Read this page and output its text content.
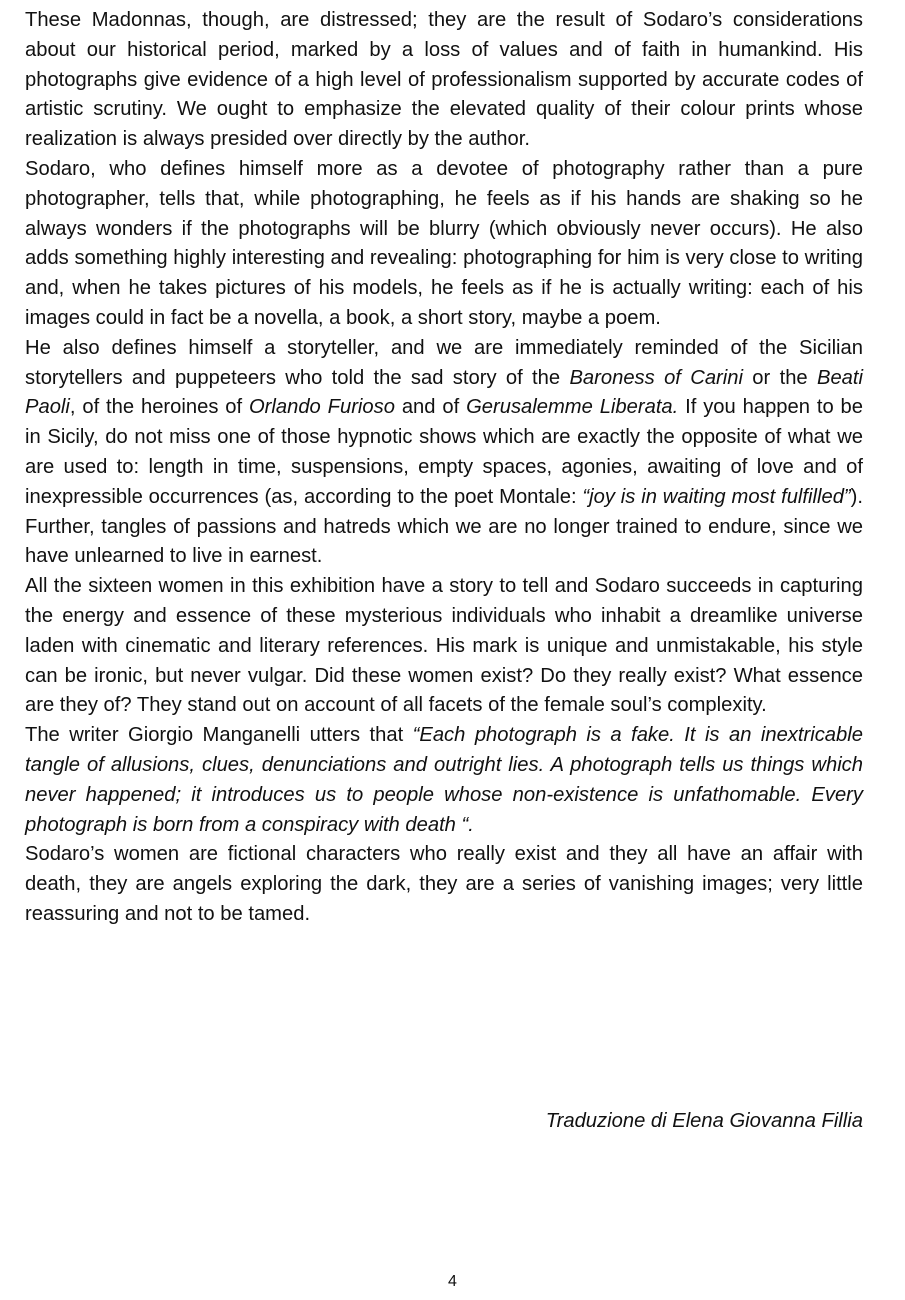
These Madonnas, though, are distressed; they are the result of Sodaro’s considerations about our historical period, marked by a loss of values and of faith in humankind. His photographs give evidence of a high level of professionalism supported by accurate codes of artistic scrutiny. We ought to emphasize the elevated quality of their colour prints whose realization is always presided over directly by the author.

Sodaro, who defines himself more as a devotee of photography rather than a pure photographer, tells that, while photographing, he feels as if his hands are shaking so he always wonders if the photographs will be blurry (which obviously never occurs). He also adds something highly interesting and revealing: photographing for him is very close to writing and, when he takes pictures of his models, he feels as if he is actually writing: each of his images could in fact be a novella, a book, a short story, maybe a poem.

He also defines himself a storyteller, and we are immediately reminded of the Sicilian storytellers and puppeteers who told the sad story of the Baroness of Carini or the Beati Paoli, of the heroines of Orlando Furioso and of Gerusalemme Liberata. If you happen to be in Sicily, do not miss one of those hypnotic shows which are exactly the opposite of what we are used to: length in time, suspensions, empty spaces, agonies, awaiting of love and of inexpressible occurrences (as, according to the poet Montale: “joy is in waiting most fulfilled”). Further, tangles of passions and hatreds which we are no longer trained to endure, since we have unlearned to live in earnest.

All the sixteen women in this exhibition have a story to tell and Sodaro succeeds in capturing the energy and essence of these mysterious individuals who inhabit a dreamlike universe laden with cinematic and literary references. His mark is unique and unmistakable, his style can be ironic, but never vulgar. Did these women exist? Do they really exist? What essence are they of? They stand out on account of all facets of the female soul’s complexity.

The writer Giorgio Manganelli utters that “Each photograph is a fake. It is an inextricable tangle of allusions, clues, denunciations and outright lies. A photograph tells us things which never happened; it introduces us to people whose non-existence is unfathomable. Every photograph is born from a conspiracy with death “.

Sodaro’s women are fictional characters who really exist and they all have an affair with death, they are angels exploring the dark, they are a series of vanishing images; very little reassuring and not to be tamed.

Traduzione di Elena Giovanna Fillia

4
